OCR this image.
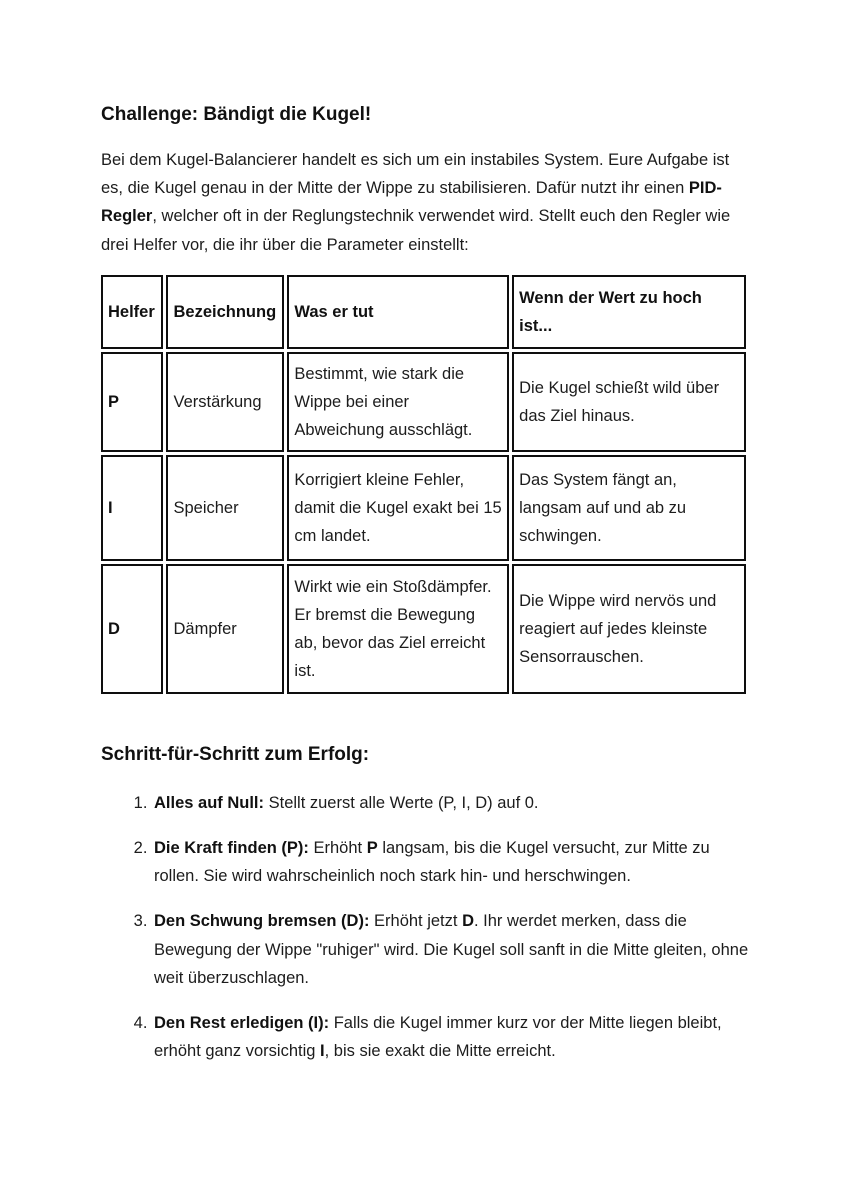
Challenge: Bändigt die Kugel!

Bei dem Kugel-Balancierer handelt es sich um ein instabiles System. Eure Aufgabe ist es, die Kugel genau in der Mitte der Wippe zu stabilisieren. Dafür nutzt ihr einen PID-Regler, welcher oft in der Reglungstechnik verwendet wird. Stellt euch den Regler wie drei Helfer vor, die ihr über die Parameter einstellt:

Helfer	Bezeichnung	Was er tut	Wenn der Wert zu hoch ist...
P	Verstärkung	Bestimmt, wie stark die Wippe bei einer Abweichung ausschlägt.	Die Kugel schießt wild über das Ziel hinaus.
I	Speicher	Korrigiert kleine Fehler, damit die Kugel exakt bei 15 cm landet.	Das System fängt an, langsam auf und ab zu schwingen.
D	Dämpfer	Wirkt wie ein Stoßdämpfer. Er bremst die Bewegung ab, bevor das Ziel erreicht ist.	Die Wippe wird nervös und reagiert auf jedes kleinste Sensorrauschen.
Schritt-für-Schritt zum Erfolg:
1. Alles auf Null: Stellt zuerst alle Werte (P, I, D) auf 0.
2. Die Kraft finden (P): Erhöht P langsam, bis die Kugel versucht, zur Mitte zu rollen. Sie wird wahrscheinlich noch stark hin- und herschwingen.
3. Den Schwung bremsen (D): Erhöht jetzt D. Ihr werdet merken, dass die Bewegung der Wippe "ruhiger" wird. Die Kugel soll sanft in die Mitte gleiten, ohne weit überzuschlagen.
4. Den Rest erledigen (I): Falls die Kugel immer kurz vor der Mitte liegen bleibt, erhöht ganz vorsichtig I, bis sie exakt die Mitte erreicht.
